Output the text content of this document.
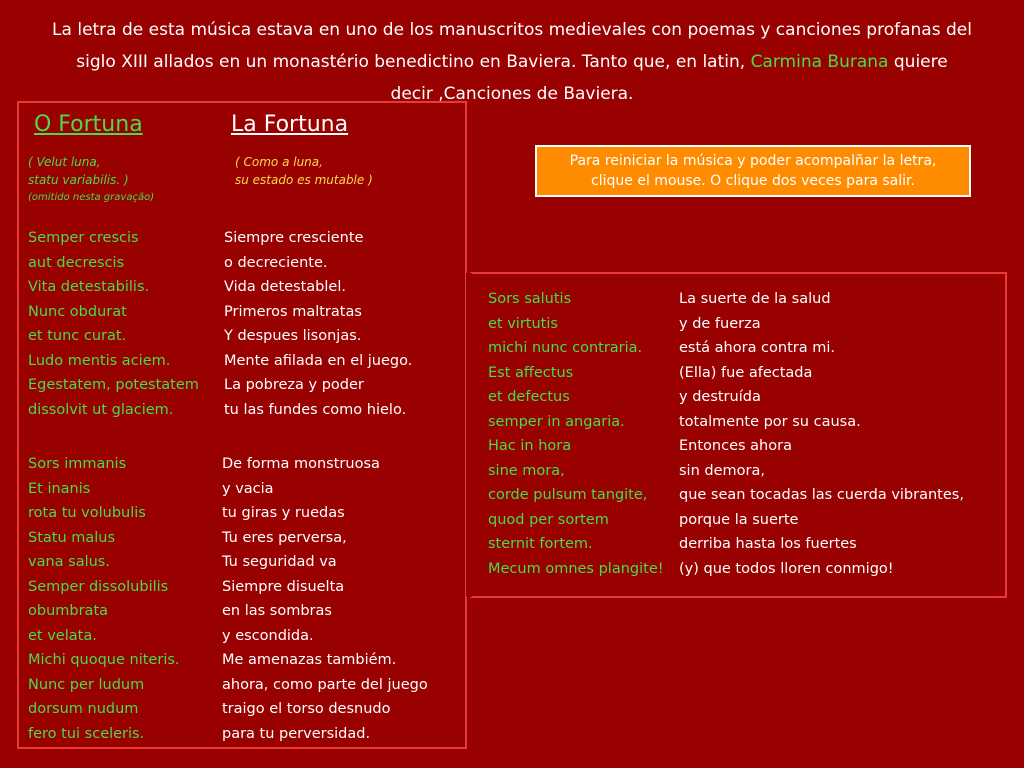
La letra de esta música estava en uno de los manuscritos medievales con poemas y canciones profanas del
siglo XIII allados en un monastério benedictino en Baviera. Tanto que, en latin, Carmina Burana quiere
decir ,Canciones de Baviera.
O Fortuna	La Fortuna
( Velut luna,
statu variabilis. )
(omitido nesta gravação)
( Como a luna,
su estado es mutable )
Para reiniciar la música y poder acompalñar la letra,
clique el mouse. O clique dos veces para salir.
Semper crescis
aut decrescis
Vita detestabilis.
Nunc obdurat
et tunc curat.
Ludo mentis aciem.
Egestatem, potestatem
dissolvit ut glaciem.
Siempre cresciente
o decreciente.
Vida detestablel.
Primeros maltratas
Y despues lisonjas.
Mente afilada en el juego.
La pobreza y poder
tu las fundes como hielo.
Sors immanis
Et inanis
rota tu volubulis
Statu malus
vana salus.
Semper dissolubilis
obumbrata
et velata.
Michi quoque niteris.
Nunc per ludum
dorsum nudum
fero tui sceleris.
De forma monstruosa
y vacia
tu giras y ruedas
Tu eres perversa,
Tu seguridad va
Siempre disuelta
en las sombras
y escondida.
Me amenazas tambiém.
ahora, como parte del juego
traigo el torso desnudo
para tu perversidad.
Sors salutis
et virtutis
michi nunc contraria.
Est affectus
et defectus
semper in angaria.
Hac in hora
sine mora,
corde pulsum tangite,
quod per sortem
sternit fortem.
Mecum omnes plangite!
La suerte de la salud
y de fuerza
está ahora contra mi.
(Ella) fue afectada
y destruída
totalmente por su causa.
Entonces ahora
sin demora,
que sean tocadas las cuerda vibrantes,
porque la suerte
derriba hasta los fuertes
(y) que todos lloren conmigo!
